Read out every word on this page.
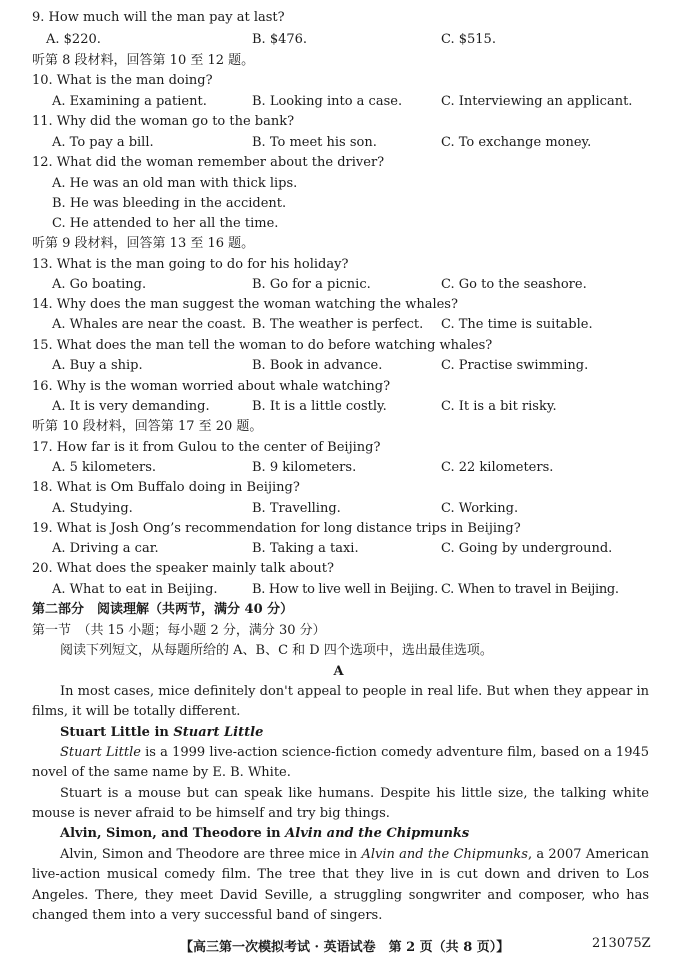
9. How much will the man pay at last?
A. $220.	B. $476.	C. $515.
听第 8 段材料，回答第 10 至 12 题。
10. What is the man doing?
A. Examining a patient.	B. Looking into a case.	C. Interviewing an applicant.
11. Why did the woman go to the bank?
A. To pay a bill.	B. To meet his son.	C. To exchange money.
12. What did the woman remember about the driver?
A. He was an old man with thick lips.
B. He was bleeding in the accident.
C. He attended to her all the time.
听第 9 段材料，回答第 13 至 16 题。
13. What is the man going to do for his holiday?
A. Go boating.	B. Go for a picnic.	C. Go to the seashore.
14. Why does the man suggest the woman watching the whales?
A. Whales are near the coast. B. The weather is perfect. C. The time is suitable.
15. What does the man tell the woman to do before watching whales?
A. Buy a ship.	B. Book in advance.	C. Practise swimming.
16. Why is the woman worried about whale watching?
A. It is very demanding.	B. It is a little costly.	C. It is a bit risky.
听第 10 段材料，回答第 17 至 20 题。
17. How far is it from Gulou to the center of Beijing?
A. 5 kilometers.	B. 9 kilometers.	C. 22 kilometers.
18. What is Om Buffalo doing in Beijing?
A. Studying.	B. Travelling.	C. Working.
19. What is Josh Ong’s recommendation for long distance trips in Beijing?
A. Driving a car.	B. Taking a taxi.	C. Going by underground.
20. What does the speaker mainly talk about?
A. What to eat in Beijing.	B. How to live well in Beijing. C. When to travel in Beijing.
第二部分　阅读理解（共两节，满分 40 分）
第一节　（共 15 小题；每小题 2 分，满分 30 分）
阅读下列短文，从每题所给的 A、B、C 和 D 四个选项中，选出最佳选项。
A
In most cases, mice definitely don't appeal to people in real life. But when they appear in
films, it will be totally different.
Stuart Little in Stuart Little
Stuart Little is a 1999 live-action science-fiction comedy adventure film, based on a 1945
novel of the same name by E. B. White.
Stuart is a mouse but can speak like humans. Despite his little size, the talking white
mouse is never afraid to be himself and try big things.
Alvin, Simon, and Theodore in Alvin and the Chipmunks
Alvin, Simon and Theodore are three mice in Alvin and the Chipmunks, a 2007 American
live-action musical comedy film. The tree that they live in is cut down and driven to Los
Angeles. There, they meet David Seville, a struggling songwriter and composer, who has
changed them into a very successful band of singers.
【高三第一次模拟考试 · 英语试卷　第 2 页（共 8 页）】	213075Z
